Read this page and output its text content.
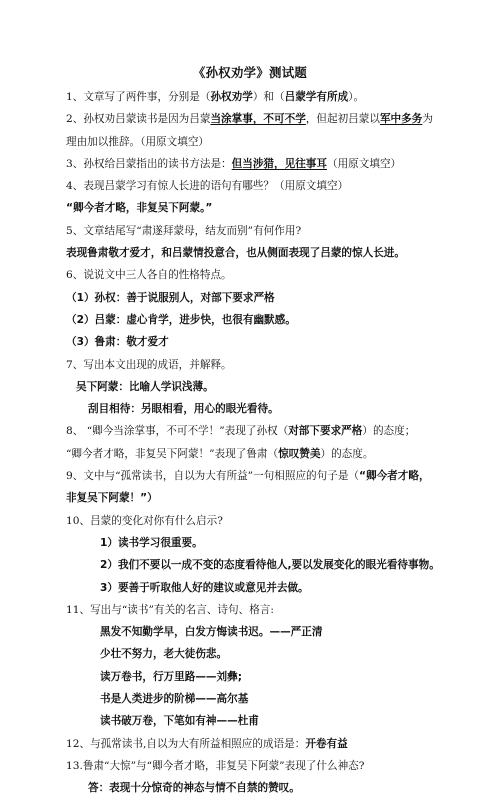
《孙权劝学》测试题

1、文章写了两件事，分别是（孙权劝学）和（吕蒙学有所成）。

2、孙权劝吕蒙读书是因为吕蒙当涂掌事，不可不学，但起初吕蒙以军中多务为

理由加以推辞。（用原文填空）

3、孙权给吕蒙指出的读书方法是：但当涉猎，见往事耳（用原文填空）

4、表现吕蒙学习有惊人长进的语句有哪些？（用原文填空）

“卿今者才略，非复吴下阿蒙。”

5、文章结尾写“肃遂拜蒙母，结友而别”有何作用?

表现鲁肃敬才爱才，和吕蒙情投意合，也从侧面表现了吕蒙的惊人长进。

6、说说文中三人各自的性格特点。

（1）孙权：善于说服别人，对部下要求严格

（2）吕蒙：虚心肯学，进步快，也很有幽默感。

（3）鲁肃：敬才爱才

7、写出本文出现的成语，并解释。

吴下阿蒙：比喻人学识浅薄。

刮目相待：另眼相看，用心的眼光看待。

8、 “卿今当涂掌事，不可不学！”表现了孙权（对部下要求严格）的态度；

“卿今者才略，非复吴下阿蒙！”表现了鲁肃（惊叹赞美）的态度。

9、文中与“孤常读书，自以为大有所益”一句相照应的句子是（“卿今者才略，

非复吴下阿蒙！”）

10、吕蒙的变化对你有什么启示?

1）读书学习很重要。

2）我们不要以一成不变的态度看待他人,要以发展变化的眼光看待事物。

3）要善于听取他人好的建议或意见并去做。

11、写出与“读书”有关的名言、诗句、格言:

黑发不知勤学早，白发方悔读书迟。——严正清

少壮不努力，老大徒伤悲。

读万卷书，行万里路——刘彝;

书是人类进步的阶梯——高尔基

读书破万卷，下笔如有神——杜甫

12、与孤常读书,自以为大有所益相照应的成语是：开卷有益

13.鲁肃“大惊”与“卿今者才略，非复吴下阿蒙”表现了什么神态?

答：表现十分惊奇的神态与情不自禁的赞叹。
